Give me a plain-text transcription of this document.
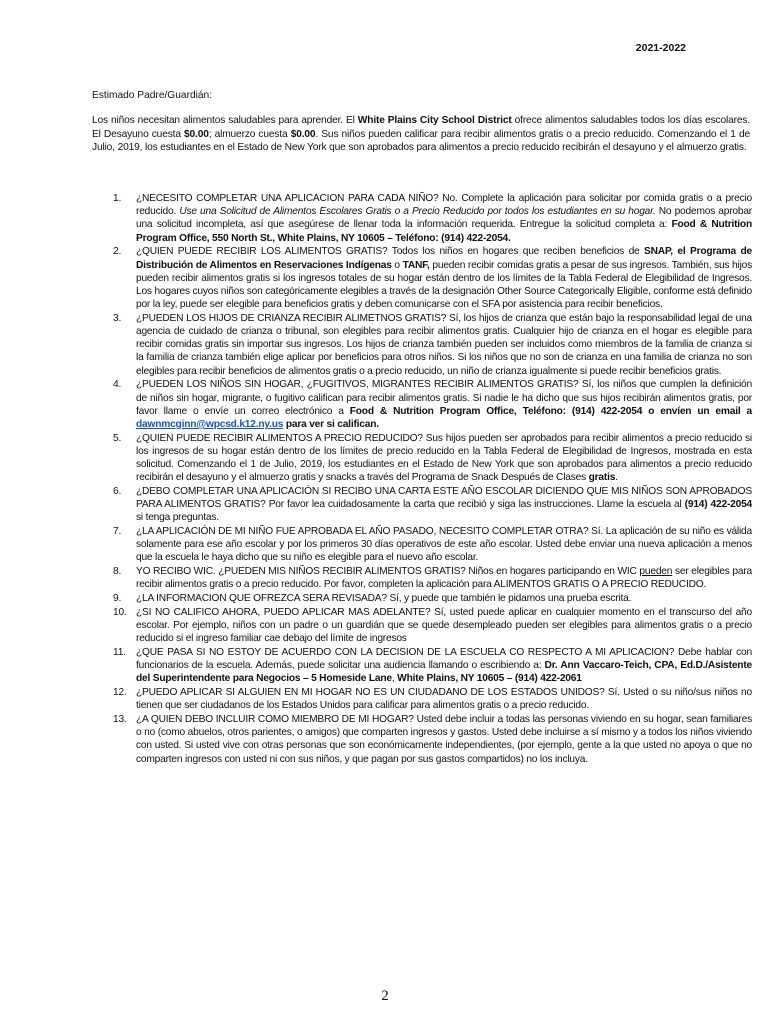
2021-2022
Estimado Padre/Guardián:

Los niños necesitan alimentos saludables para aprender. El White Plains City School District ofrece alimentos saludables todos los días escolares. El Desayuno cuesta $0.00; almuerzo cuesta $0.00. Sus niños pueden calificar para recibir alimentos gratis o a precio reducido. Comenzando el 1 de Julio, 2019, los estudiantes en el Estado de New York que son aprobados para alimentos a precio reducido recibirán el desayuno y el almuerzo gratis.

1.	¿NECESITO COMPLETAR UNA APLICACION PARA CADA NIÑO? No. Complete la aplicación para solicitar por comida gratis o a precio reducido. Use una Solicitud de Alimentos Escolares Gratis o a Precio Reducido por todos los estudiantes en su hogar. No podemos aprobar una solicitud incompleta, así que asegúrese de llenar toda la información requerida. Entregue la solicitud completa a: Food & Nutrition Program Office, 550 North St., White Plains, NY 10605 – Teléfono: (914) 422-2054.
2.	¿QUIEN PUEDE RECIBIR LOS ALIMENTOS GRATIS? Todos los niños en hogares que reciben beneficios de SNAP, el Programa de Distribución de Alimentos en Reservaciones Indígenas o TANF, pueden recibir comidas gratis a pesar de sus ingresos. También, sus hijos pueden recibir alimentos gratis si los ingresos totales de su hogar están dentro de los límites de la Tabla Federal de Elegibilidad de Ingresos. Los hogares cuyos niños son categóricamente elegibles a través de la designación Other Source Categorically Eligible, conforme está definido por la ley, puede ser elegible para beneficios gratis y deben comunicarse con el SFA por asistencia para recibir beneficios.
3.	¿PUEDEN LOS HIJOS DE CRIANZA RECIBIR ALIMETNOS GRATIS? Sí, los hijos de crianza que están bajo la responsabilidad legal de una agencia de cuidado de crianza o tribunal, son elegibles para recibir alimentos gratis. Cualquier hijo de crianza en el hogar es elegible para recibir comidas gratis sin importar sus ingresos. Los hijos de crianza también pueden ser incluidos como miembros de la familia de crianza si la familia de crianza también elige aplicar por beneficios para otros niños. Si los niños que no son de crianza en una familia de crianza no son elegibles para recibir beneficios de alimentos gratis o a precio reducido, un niño de crianza igualmente si puede recibir beneficios gratis.
4.	¿PUEDEN LOS NIÑOS SIN HOGAR, ¿FUGITIVOS, MIGRANTES RECIBIR ALIMENTOS GRATIS? Sí, los niños que cumplen la definición de niños sin hogar, migrante, o fugitivo califican para recibir alimentos gratis. Si nadie le ha dicho que sus hijos recibirán alimentos gratis, por favor llame o envíe un correo electrónico a Food & Nutrition Program Office, Teléfono: (914) 422-2054 o envíen un email a dawnmcginn@wpcsd.k12.ny.us para ver si califican.
5.	¿QUIEN PUEDE RECIBIR ALIMENTOS A PRECIO REDUCIDO? Sus hijos pueden ser aprobados para recibir alimentos a precio reducido si los ingresos de su hogar están dentro de los límites de precio reducido en la Tabla Federal de Elegibilidad de Ingresos, mostrada en esta solicitud. Comenzando el 1 de Julio, 2019, los estudiantes en el Estado de New York que son aprobados para alimentos a precio reducido recibirán el desayuno y el almuerzo gratis y snacks a través del Programa de Snack Después de Clases gratis.
6.	¿DEBO COMPLETAR UNA APLICACIÓN SI RECIBO UNA CARTA ESTE AÑO ESCOLAR DICIENDO QUE MIS NIÑOS SON APROBADOS PARA ALIMENTOS GRATIS? Por favor lea cuidadosamente la carta que recibió y siga las instrucciones. Llame la escuela al (914) 422-2054 si tenga preguntas.
7.	¿LA APLICACIÓN DE MI NIÑO FUE APROBADA EL AÑO PASADO, NECESITO COMPLETAR OTRA? Sí. La aplicación de su niño es válida solamente para ese año escolar y por los primeros 30 días operativos de este año escolar. Usted debe enviar una nueva aplicación a menos que la escuela le haya dicho que su niño es elegible para el nuevo año escolar.
8.	YO RECIBO WIC. ¿PUEDEN MIS NIÑOS RECIBIR ALIMENTOS GRATIS? Niños en hogares participando en WIC pueden ser elegibles para recibir alimentos gratis o a precio reducido. Por favor, completen la aplicación para ALIMENTOS GRATIS O A PRECIO REDUCIDO.
9.	¿LA INFORMACION QUE OFREZCA SERA REVISADA? Sí, y puede que también le pidamos una prueba escrita.
10. ¿SI NO CALIFICO AHORA, PUEDO APLICAR MAS ADELANTE? Sí, usted puede aplicar en cualquier momento en el transcurso del año escolar. Por ejemplo, niños con un padre o un guardián que se quede desempleado pueden ser elegibles para alimentos gratis o a precio reducido si el ingreso familiar cae debajo del límite de ingresos
11. ¿QUE PASA SI NO ESTOY DE ACUERDO CON LA DECISION DE LA ESCUELA CO RESPECTO A MI APLICACION? Debe hablar con funcionarios de la escuela. Además, puede solicitar una audiencia llamando o escribiendo a: Dr. Ann Vaccaro-Teich, CPA, Ed.D./Asistente del Superintendente para Negocios – 5 Homeside Lane, White Plains, NY 10605 – (914) 422-2061
12. ¿PUEDO APLICAR SI ALGUIEN EN MI HOGAR NO ES UN CIUDADANO DE LOS ESTADOS UNIDOS? Sí. Usted o su niño/sus niños no tienen que ser ciudadanos de los Estados Unidos para calificar para alimentos gratis o a precio reducido.
13. ¿A QUIEN DEBO INCLUIR COMO MIEMBRO DE MI HOGAR? Usted debe incluir a todas las personas viviendo en su hogar, sean familiares o no (como abuelos, otros parientes, o amigos) que comparten ingresos y gastos. Usted debe incluirse a sí mismo y a todos los niños viviendo con usted. Si usted vive con otras personas que son económicamente independientes, (por ejemplo, gente a la que usted no apoya o que no comparten ingresos con usted ni con sus niños, y que pagan por sus gastos compartidos) no los incluya.
2
